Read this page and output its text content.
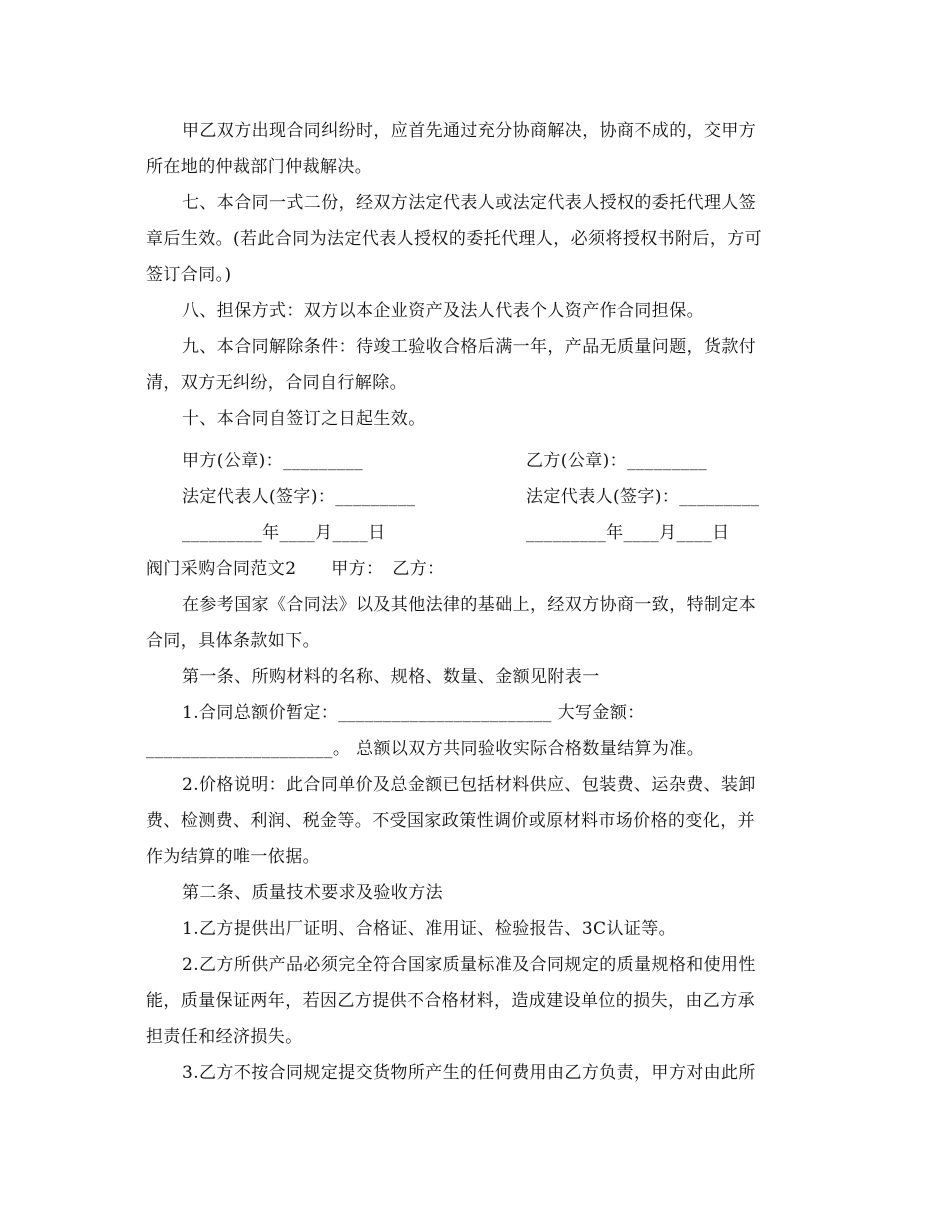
甲乙双方出现合同纠纷时，应首先通过充分协商解决，协商不成的，交甲方
所在地的仲裁部门仲裁解决。
七、本合同一式二份，经双方法定代表人或法定代表人授权的委托代理人签
章后生效。(若此合同为法定代表人授权的委托代理人，必须将授权书附后，方可
签订合同。)
八、担保方式：双方以本企业资产及法人代表个人资产作合同担保。
九、本合同解除条件：待竣工验收合格后满一年，产品无质量问题，货款付
清，双方无纠纷，合同自行解除。
十、本合同自签订之日起生效。
甲方(公章)：_________	乙方(公章)：_________
法定代表人(签字)：_________	法定代表人(签字)：_________
_________年____月____日	_________年____月____日
阀门采购合同范文2　　甲方：　乙方：
在参考国家《合同法》以及其他法律的基础上，经双方协商一致，特制定本
合同，具体条款如下。
第一条、所购材料的名称、规格、数量、金额见附表一
1.合同总额价暂定：________________________ 大写金额：
_____________________。 总额以双方共同验收实际合格数量结算为准。
2.价格说明：此合同单价及总金额已包括材料供应、包装费、运杂费、装卸
费、检测费、利润、税金等。不受国家政策性调价或原材料市场价格的变化，并
作为结算的唯一依据。
第二条、质量技术要求及验收方法
1.乙方提供出厂证明、合格证、准用证、检验报告、3C认证等。
2.乙方所供产品必须完全符合国家质量标准及合同规定的质量规格和使用性
能，质量保证两年，若因乙方提供不合格材料，造成建设单位的损失，由乙方承
担责任和经济损失。
3.乙方不按合同规定提交货物所产生的任何费用由乙方负责，甲方对由此所
